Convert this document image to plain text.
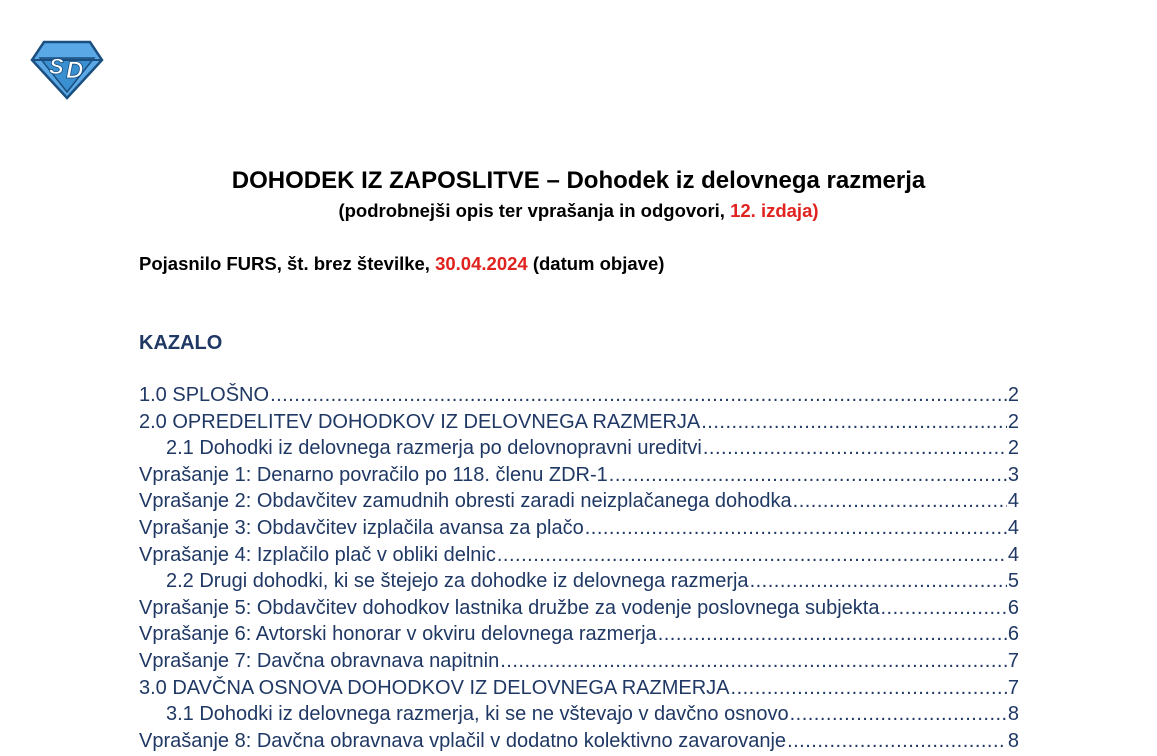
S D
DOHODEK IZ ZAPOSLITVE – Dohodek iz delovnega razmerja
(podrobnejši opis ter vprašanja in odgovori, 12. izdaja)
Pojasnilo FURS, št. brez številke, 30.04.2024 (datum objave)
KAZALO
1.0 SPLOŠNO .....	2
2.0 OPREDELITEV DOHODKOV IZ DELOVNEGA RAZMERJA .....	2
2.1 Dohodki iz delovnega razmerja po delovnopravni ureditvi .....	2
Vprašanje 1: Denarno povračilo po 118. členu ZDR-1 .....	3
Vprašanje 2: Obdavčitev zamudnih obresti zaradi neizplačanega dohodka .....	4
Vprašanje 3: Obdavčitev izplačila avansa za plačo .....	4
Vprašanje 4: Izplačilo plač v obliki delnic .....	4
2.2 Drugi dohodki, ki se štejejo za dohodke iz delovnega razmerja .....	5
Vprašanje 5: Obdavčitev dohodkov lastnika družbe za vodenje poslovnega subjekta .....	6
Vprašanje 6: Avtorski honorar v okviru delovnega razmerja .....	6
Vprašanje 7: Davčna obravnava napitnin .....	7
3.0 DAVČNA OSNOVA DOHODKOV IZ DELOVNEGA RAZMERJA .....	7
3.1 Dohodki iz delovnega razmerja, ki se ne vštevajo v davčno osnovo .....	8
Vprašanje 8: Davčna obravnava vplačil v dodatno kolektivno zavarovanje .....	8
